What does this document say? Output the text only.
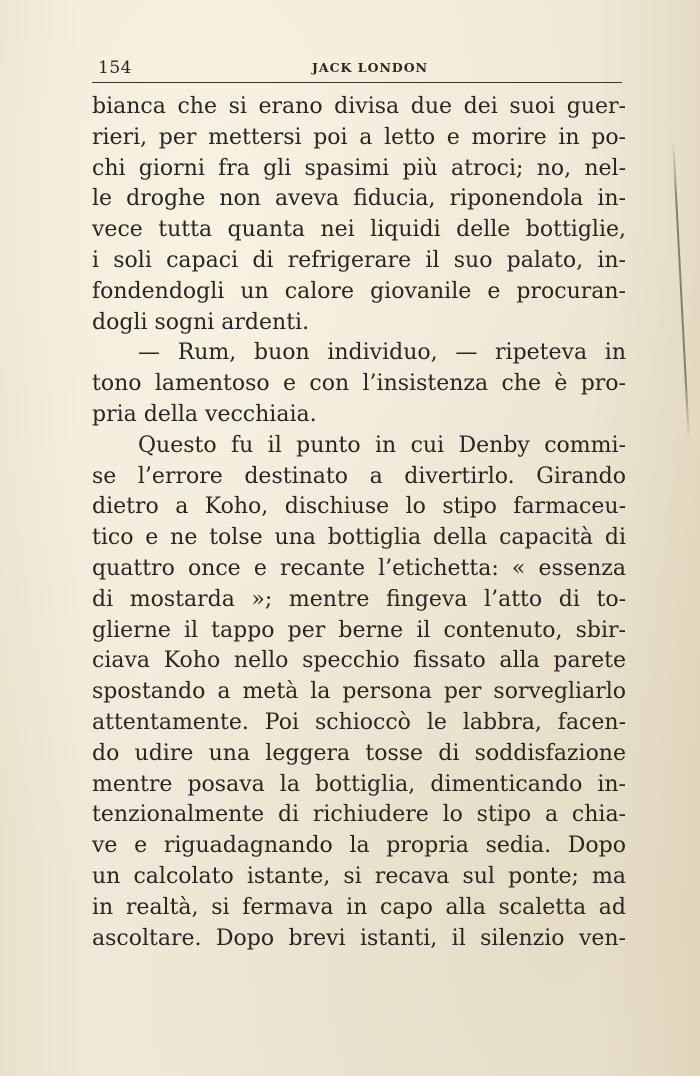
154	JACK LONDON
bianca che si erano divisa due dei suoi guer-
rieri, per mettersi poi a letto e morire in po-
chi giorni fra gli spasimi più atroci; no, nel-
le droghe non aveva fiducia, riponendola in-
vece tutta quanta nei liquidi delle bottiglie,
i soli capaci di refrigerare il suo palato, in-
fondendogli un calore giovanile e procuran-
dogli sogni ardenti.
— Rum, buon individuo, — ripeteva in
tono lamentoso e con l’insistenza che è pro-
pria della vecchiaia.
Questo fu il punto in cui Denby commi-
se l’errore destinato a divertirlo. Girando
dietro a Koho, dischiuse lo stipo farmaceu-
tico e ne tolse una bottiglia della capacità di
quattro once e recante l’etichetta: « essenza
di mostarda »; mentre fingeva l’atto di to-
glierne il tappo per berne il contenuto, sbir-
ciava Koho nello specchio fissato alla parete
spostando a metà la persona per sorvegliarlo
attentamente. Poi schioccò le labbra, facen-
do udire una leggera tosse di soddisfazione
mentre posava la bottiglia, dimenticando in-
tenzionalmente di richiudere lo stipo a chia-
ve e riguadagnando la propria sedia. Dopo
un calcolato istante, si recava sul ponte; ma
in realtà, si fermava in capo alla scaletta ad
ascoltare. Dopo brevi istanti, il silenzio ven-
